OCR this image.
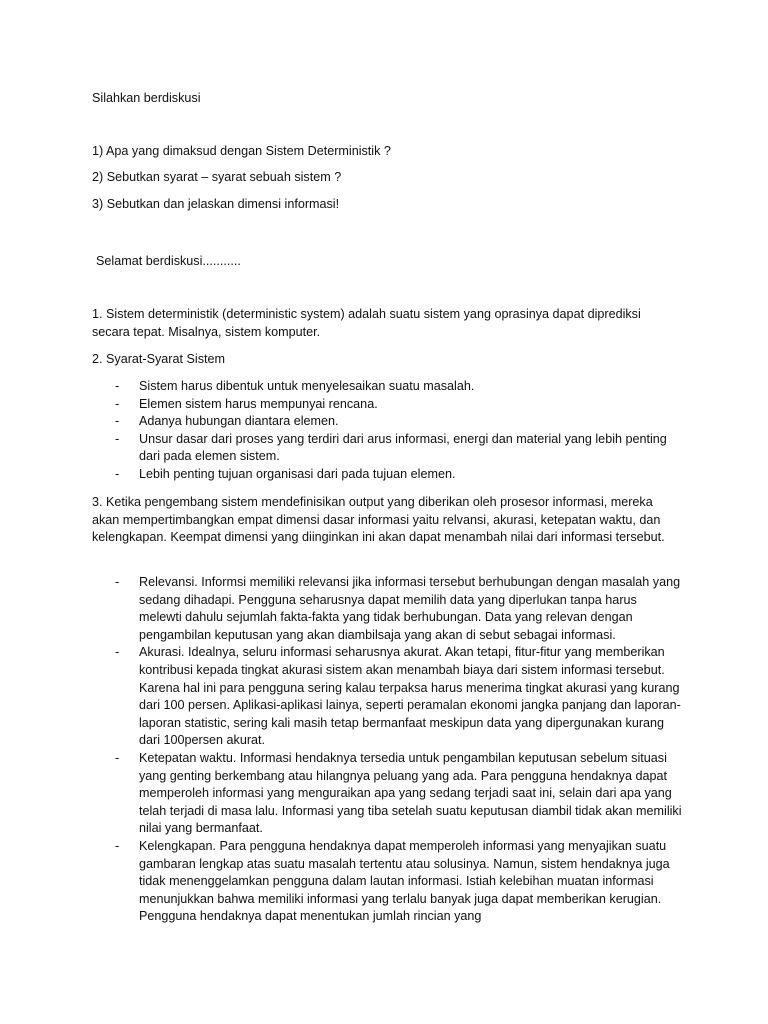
Silahkan berdiskusi

1) Apa yang dimaksud dengan Sistem Deterministik ?

2) Sebutkan syarat – syarat sebuah sistem ?

3) Sebutkan dan jelaskan dimensi informasi!

Selamat berdiskusi...........

1. Sistem deterministik (deterministic system) adalah suatu sistem yang oprasinya dapat diprediksi secara tepat. Misalnya, sistem komputer.

2. Syarat-Syarat Sistem

- Sistem harus dibentuk untuk menyelesaikan suatu masalah.
- Elemen sistem harus mempunyai rencana.
- Adanya hubungan diantara elemen.
- Unsur dasar dari proses yang terdiri dari arus informasi, energi dan material yang lebih penting dari pada elemen sistem.
- Lebih penting tujuan organisasi dari pada tujuan elemen.

3. Ketika pengembang sistem mendefinisikan output yang diberikan oleh prosesor informasi, mereka akan mempertimbangkan empat dimensi dasar informasi yaitu relvansi, akurasi, ketepatan waktu, dan kelengkapan. Keempat dimensi yang diinginkan ini akan dapat menambah nilai dari informasi tersebut.

- Relevansi. Informsi memiliki relevansi jika informasi tersebut berhubungan dengan masalah yang sedang dihadapi. Pengguna seharusnya dapat memilih data yang diperlukan tanpa harus melewti dahulu sejumlah fakta-fakta yang tidak berhubungan. Data yang relevan dengan pengambilan keputusan yang akan diambilsaja yang akan di sebut sebagai informasi.
- Akurasi. Idealnya, seluru informasi seharusnya akurat. Akan tetapi, fitur-fitur yang memberikan kontribusi kepada tingkat akurasi sistem akan menambah biaya dari sistem informasi tersebut. Karena hal ini para pengguna sering kalau terpaksa harus menerima tingkat akurasi yang kurang dari 100 persen. Aplikasi-aplikasi lainya, seperti peramalan ekonomi jangka panjang dan laporan-laporan statistic, sering kali masih tetap bermanfaat meskipun data yang dipergunakan kurang dari 100persen akurat.
- Ketepatan waktu. Informasi hendaknya tersedia untuk pengambilan keputusan sebelum situasi yang genting berkembang atau hilangnya peluang yang ada. Para pengguna hendaknya dapat memperoleh informasi yang menguraikan apa yang sedang terjadi saat ini, selain dari apa yang telah terjadi di masa lalu. Informasi yang tiba setelah suatu keputusan diambil tidak akan memiliki nilai yang bermanfaat.
- Kelengkapan. Para pengguna hendaknya dapat memperoleh informasi yang menyajikan suatu gambaran lengkap atas suatu masalah tertentu atau solusinya. Namun, sistem hendaknya juga tidak menenggelamkan pengguna dalam lautan informasi. Istiah kelebihan muatan informasi menunjukkan bahwa memiliki informasi yang terlalu banyak juga dapat memberikan kerugian. Pengguna hendaknya dapat menentukan jumlah rincian yang
